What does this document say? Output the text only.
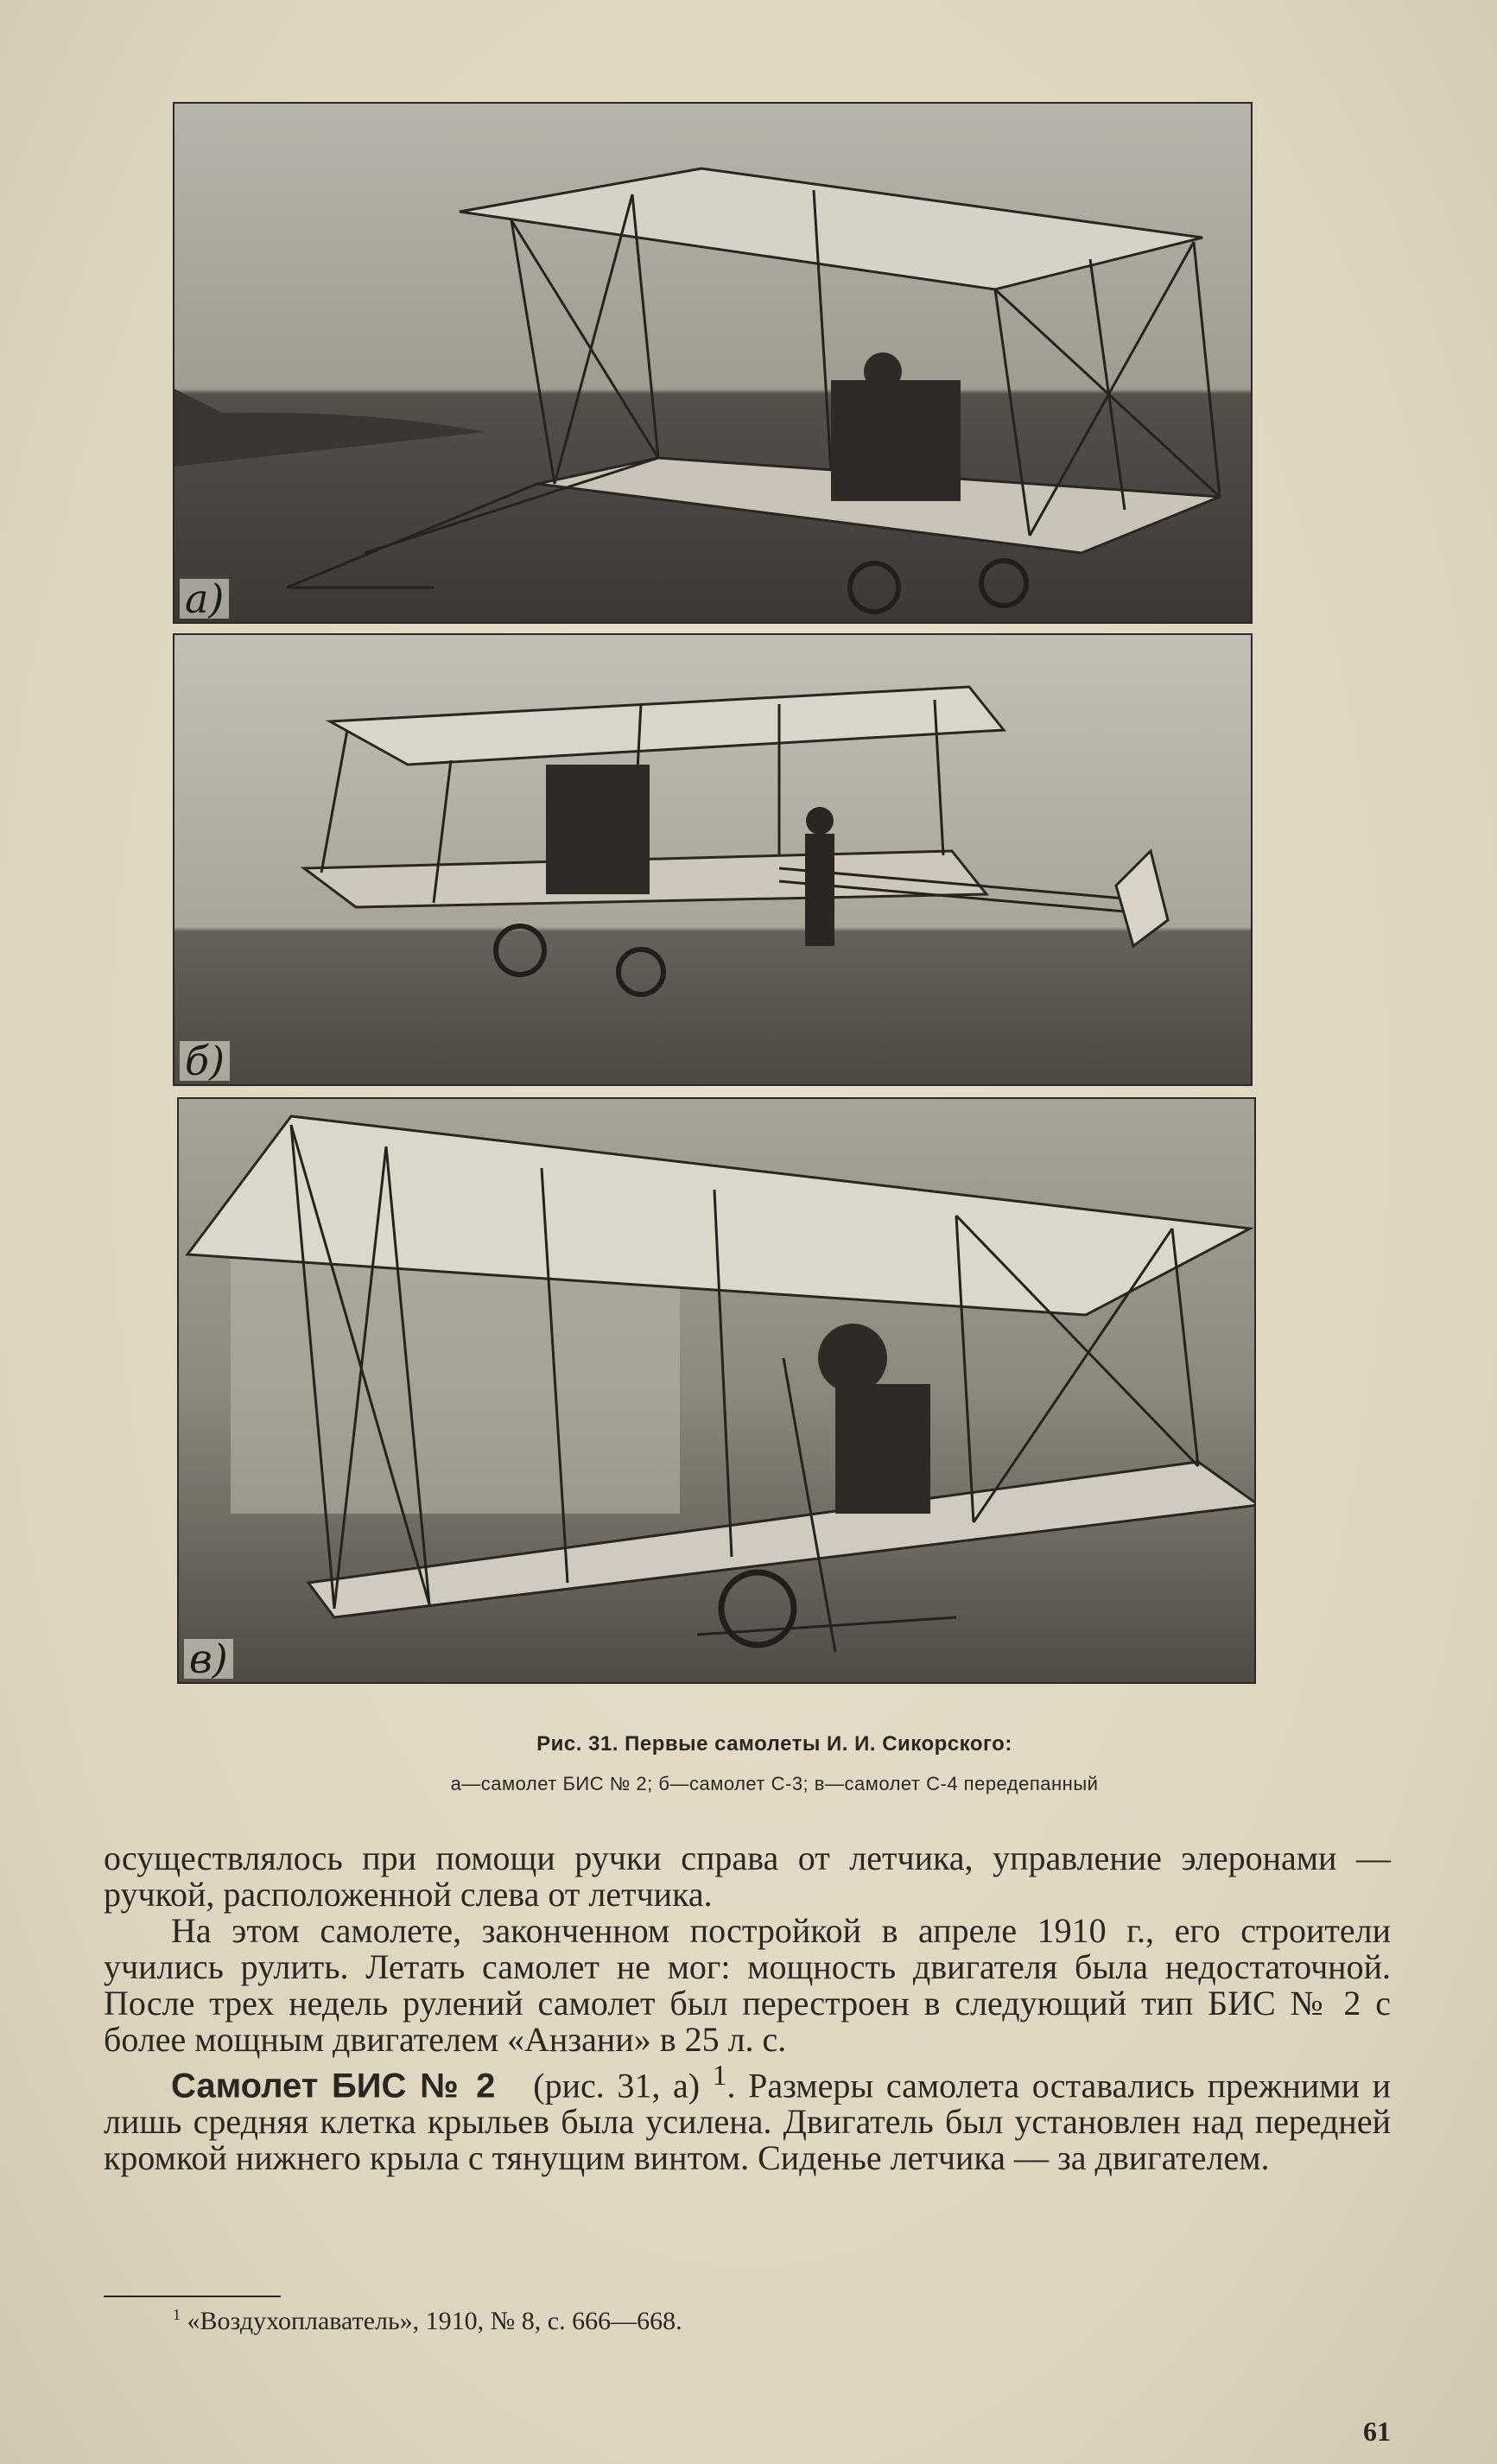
а)
б)
в)
Рис. 31. Первые самолеты И. И. Сикорского:
а—самолет БИС № 2; б—самолет С-3; в—самолет С-4 передепанный

осуществлялось при помощи ручки справа от летчика, управление элеронами — ручкой, расположенной слева от летчика.

На этом самолете, законченном постройкой в апреле 1910 г., его строители учились рулить. Летать самолет не мог: мощность двигателя была недостаточной. После трех недель рулений самолет был перестроен в следующий тип БИС № 2 с более мощным двигателем «Анзани» в 25 л. с.

Самолет БИС № 2 (рис. 31, а) $^1$. Размеры самолета оставались прежними и лишь средняя клетка крыльев была усилена. Двигатель был установлен над передней кромкой нижнего крыла с тянущим винтом. Сиденье летчика — за двигателем.

$^1$ «Воздухоплаватель», 1910, № 8, с. 666—668.
61
